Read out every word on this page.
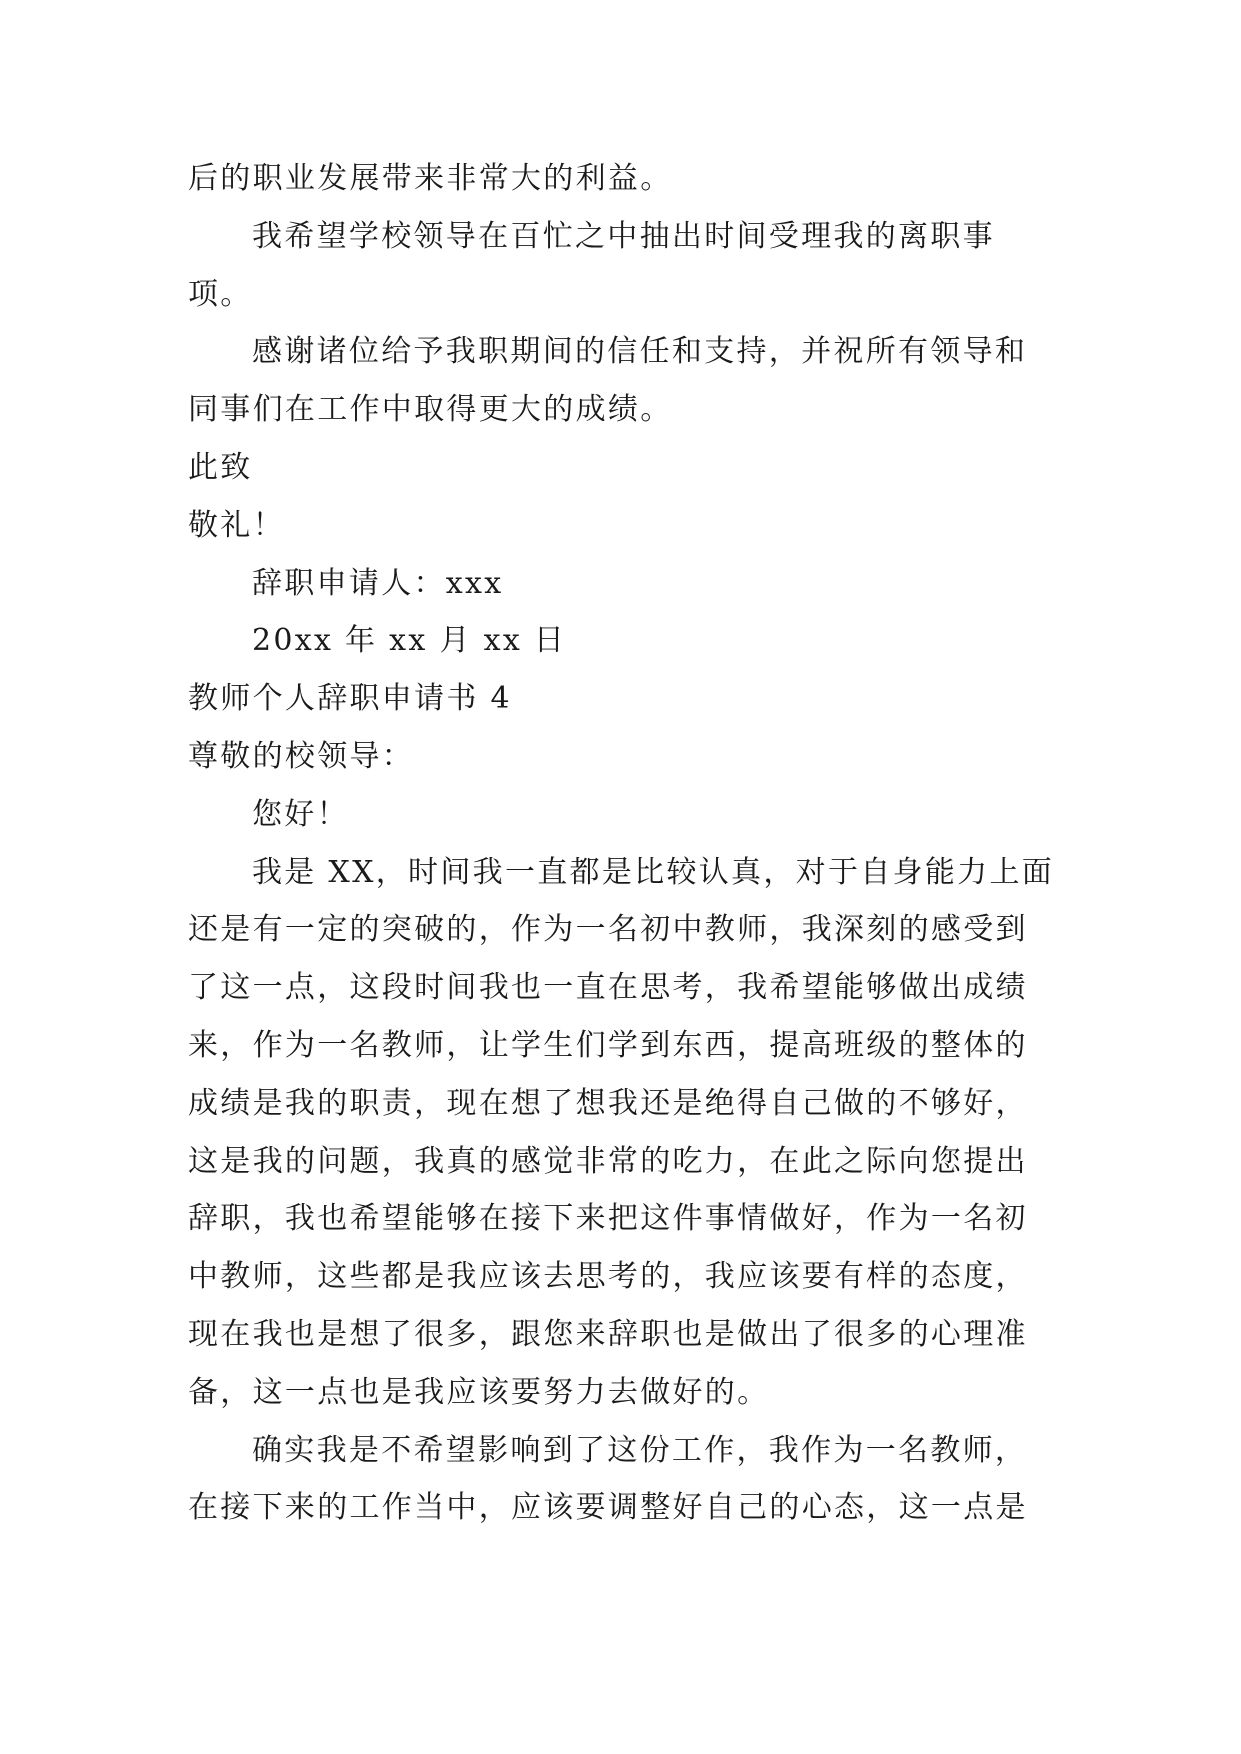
后的职业发展带来非常大的利益。
我希望学校领导在百忙之中抽出时间受理我的离职事
项。
感谢诸位给予我职期间的信任和支持，并祝所有领导和
同事们在工作中取得更大的成绩。
此致
敬礼！
辞职申请人：xxx
20xx 年 xx 月 xx 日
教师个人辞职申请书 4
尊敬的校领导：
您好！
我是 XX，时间我一直都是比较认真，对于自身能力上面
还是有一定的突破的，作为一名初中教师，我深刻的感受到
了这一点，这段时间我也一直在思考，我希望能够做出成绩
来，作为一名教师，让学生们学到东西，提高班级的整体的
成绩是我的职责，现在想了想我还是绝得自己做的不够好，
这是我的问题，我真的感觉非常的吃力，在此之际向您提出
辞职，我也希望能够在接下来把这件事情做好，作为一名初
中教师，这些都是我应该去思考的，我应该要有样的态度，
现在我也是想了很多，跟您来辞职也是做出了很多的心理准
备，这一点也是我应该要努力去做好的。
确实我是不希望影响到了这份工作，我作为一名教师，
在接下来的工作当中，应该要调整好自己的心态，这一点是
